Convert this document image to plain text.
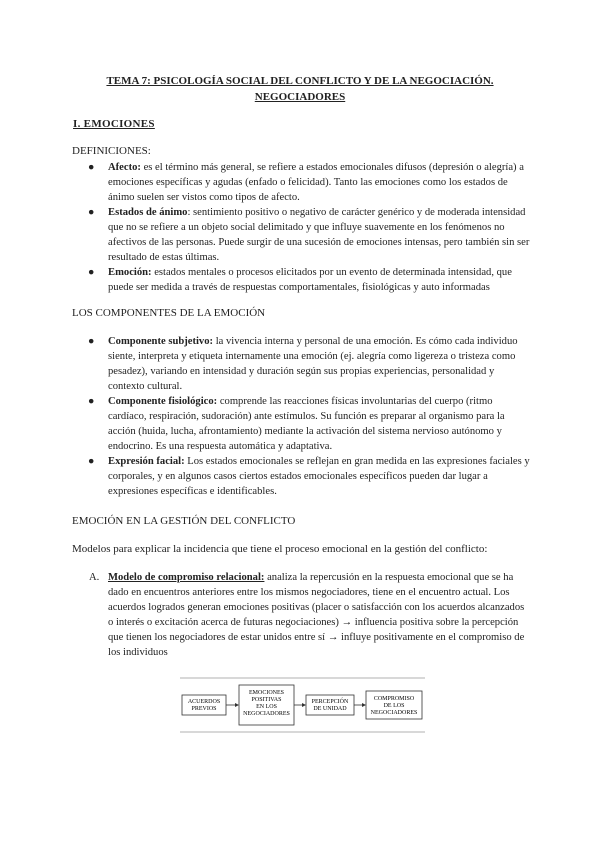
TEMA 7: PSICOLOGÍA SOCIAL DEL CONFLICTO Y DE LA NEGOCIACIÓN.
NEGOCIADORES
I. EMOCIONES
DEFINICIONES:
● Afecto: es el término más general, se refiere a estados emocionales difusos (depresión o alegría) a emociones específicas y agudas (enfado o felicidad). Tanto las emociones como los estados de ánimo suelen ser vistos como tipos de afecto.
● Estados de ánimo: sentimiento positivo o negativo de carácter genérico y de moderada intensidad que no se refiere a un objeto social delimitado y que influye suavemente en los fenómenos no afectivos de las personas. Puede surgir de una sucesión de emociones intensas, pero también sin ser resultado de estas últimas.
● Emoción: estados mentales o procesos elicitados por un evento de determinada intensidad, que puede ser medida a través de respuestas comportamentales, fisiológicas y auto informadas
LOS COMPONENTES DE LA EMOCIÓN
● Componente subjetivo: la vivencia interna y personal de una emoción. Es cómo cada individuo siente, interpreta y etiqueta internamente una emoción (ej. alegría como ligereza o tristeza como pesadez), variando en intensidad y duración según sus propias experiencias, personalidad y contexto cultural.
● Componente fisiológico: comprende las reacciones físicas involuntarias del cuerpo (ritmo cardíaco, respiración, sudoración) ante estímulos. Su función es preparar al organismo para la acción (huida, lucha, afrontamiento) mediante la activación del sistema nervioso autónomo y endocrino. Es una respuesta automática y adaptativa.
● Expresión facial: Los estados emocionales se reflejan en gran medida en las expresiones faciales y corporales, y en algunos casos ciertos estados emocionales específicos pueden dar lugar a expresiones específicas e identificables.
EMOCIÓN EN LA GESTIÓN DEL CONFLICTO
Modelos para explicar la incidencia que tiene el proceso emocional en la gestión del conflicto:
A. Modelo de compromiso relacional: analiza la repercusión en la respuesta emocional que se ha dado en encuentros anteriores entre los mismos negociadores, tiene en el encuentro actual. Los acuerdos logrados generan emociones positivas (placer o satisfacción con los acuerdos alcanzados o interés o excitación acerca de futuras negociaciones) → influencia positiva sobre la percepción que tienen los negociadores de estar unidos entre sí → influye positivamente en el compromiso de los individuos
ACUERDOS
PREVIOS
EMOCIONES
POSITIVAS
EN LOS
NEGOCIADORES
PERCEPCIÓN
DE UNIDAD
COMPROMISO
DE LOS
NEGOCIADORES
